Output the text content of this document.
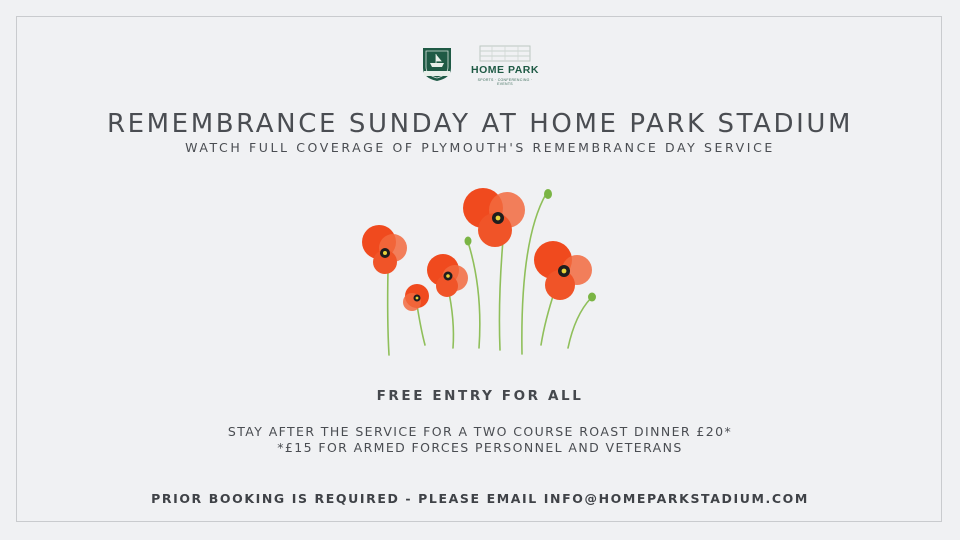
HOME PARK
SPORTS · CONFERENCING · EVENTS
REMEMBRANCE SUNDAY AT HOME PARK STADIUM
WATCH FULL COVERAGE OF PLYMOUTH'S REMEMBRANCE DAY SERVICE
FREE ENTRY FOR ALL
STAY AFTER THE SERVICE FOR A TWO COURSE ROAST DINNER £20*
*£15 FOR ARMED FORCES PERSONNEL AND VETERANS
PRIOR BOOKING IS REQUIRED - PLEASE EMAIL INFO@HOMEPARKSTADIUM.COM
